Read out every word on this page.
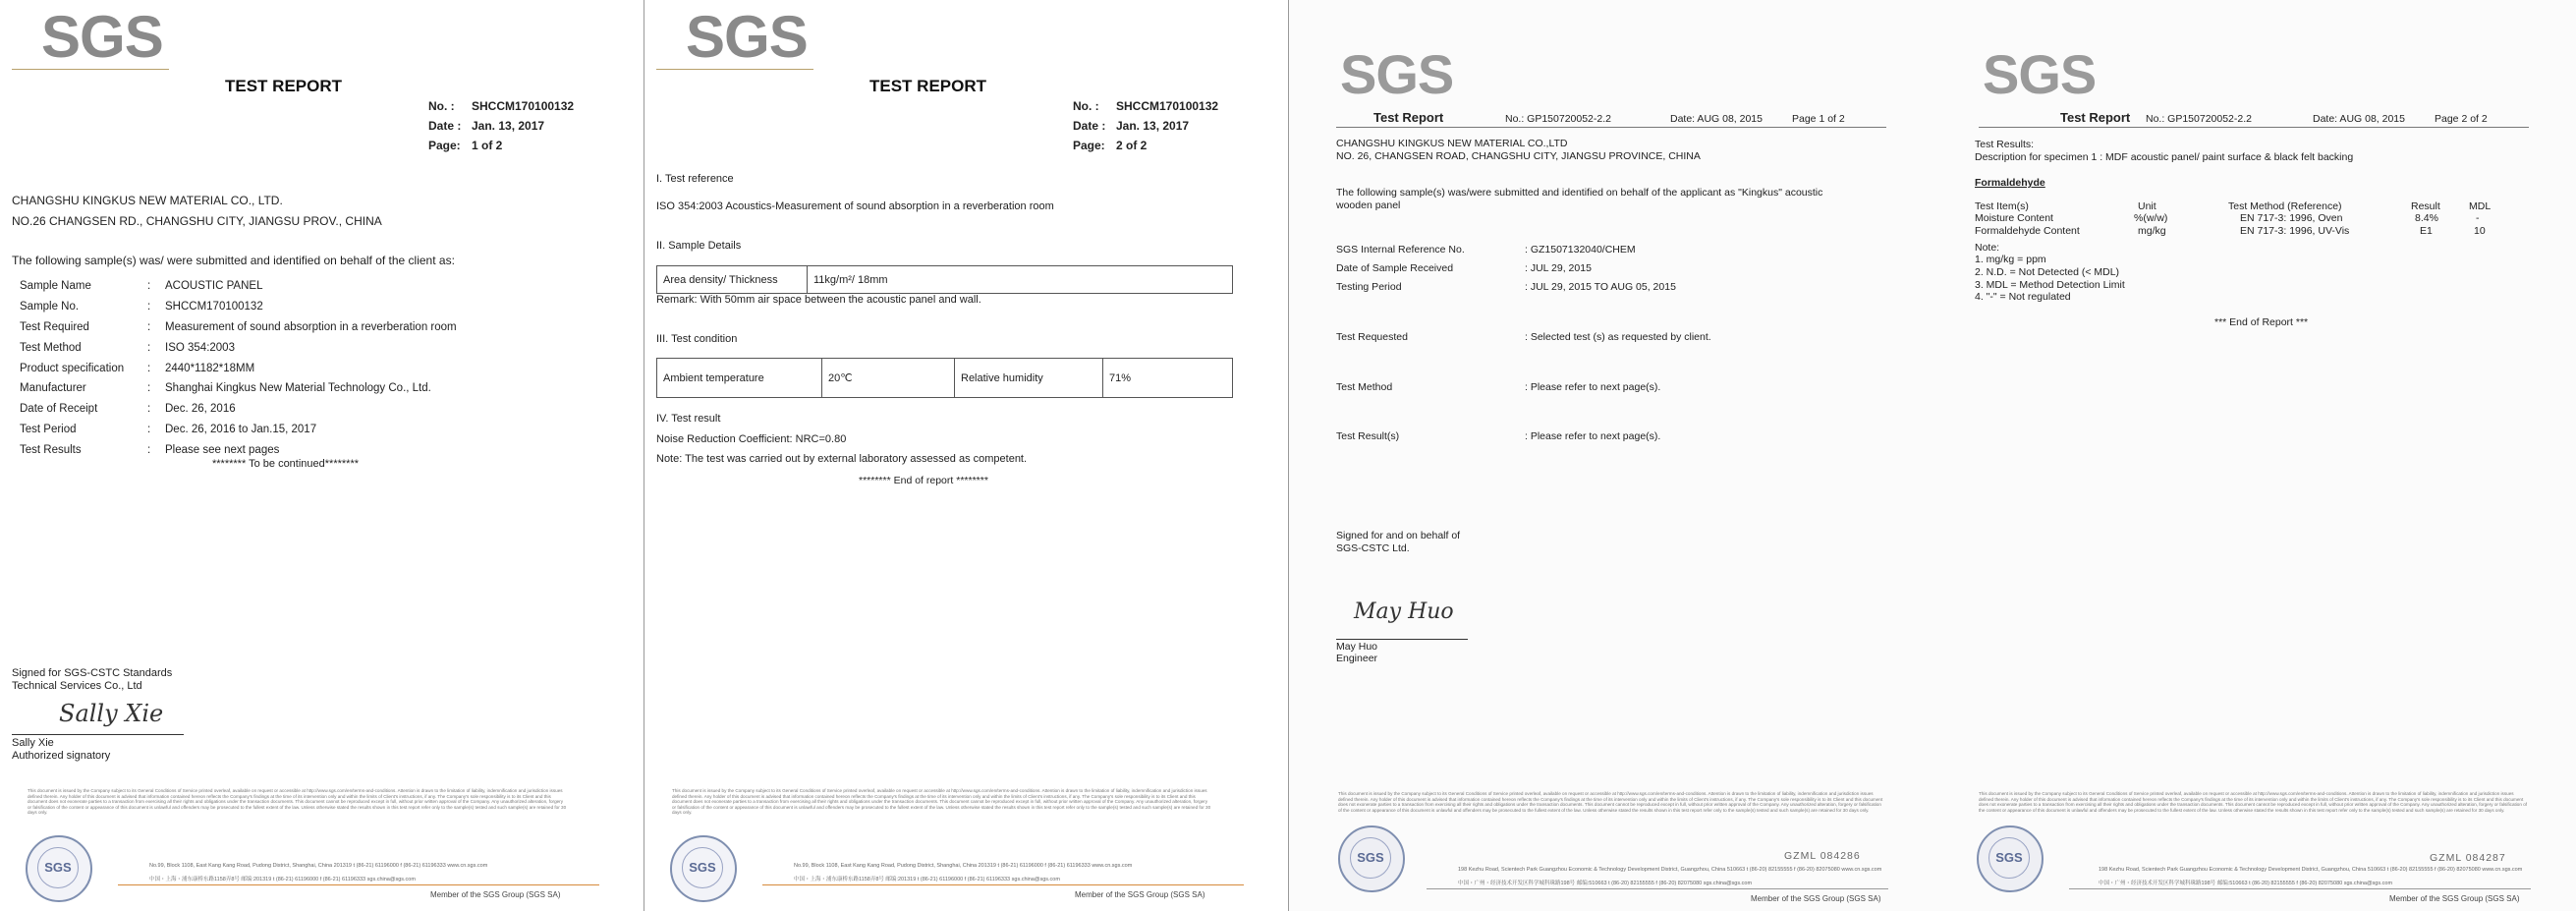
SGS
TEST REPORT
No. : SHCCM170100132
Date : Jan. 13, 2017
Page: 1 of 2
CHANGSHU KINGKUS NEW MATERIAL CO., LTD.
NO.26 CHANGSEN RD., CHANGSHU CITY, JIANGSU PROV., CHINA
The following sample(s) was/ were submitted and identified on behalf of the client as:
Sample Name	:	ACOUSTIC PANEL
Sample No.	:	SHCCM170100132
Test Required	:	Measurement of sound absorption in a reverberation room
Test Method	:	ISO 354:2003
Product specification	:	2440*1182*18MM
Manufacturer	:	Shanghai Kingkus New Material Technology Co., Ltd.
Date of Receipt	:	Dec. 26, 2016
Test Period	:	Dec. 26, 2016 to Jan.15, 2017
Test Results	:	Please see next pages
******** To be continued********
Signed for SGS-CSTC Standards
Technical Services Co., Ltd
Sally Xie
Sally Xie
Authorized signatory
This document is issued by the Company subject to its General Conditions of Service printed overleaf, available on request or accessible at http://www.sgs.com/en/terms-and-conditions. Attention is drawn to the limitation of liability, indemnification and jurisdiction issues defined therein. Any holder of this document is advised that information contained hereon reflects the Company's findings at the time of its intervention only and within the limits of Client's instructions, if any. The Company's sole responsibility is to its Client and this document does not exonerate parties to a transaction from exercising all their rights and obligations under the transaction documents. This document cannot be reproduced except in full, without prior written approval of the Company. Any unauthorized alteration, forgery or falsification of the content or appearance of this document is unlawful and offenders may be prosecuted to the fullest extent of the law. Unless otherwise stated the results shown in this test report refer only to the sample(s) tested and such sample(s) are retained for 30 days only.
SGS	No.99, Block 1108, East Kang Kang Road, Pudong District, Shanghai, China 201319 t (86-21) 61196000 f (86-21) 61196333 www.cn.sgs.com
中国・上海・浦东康桥东路1158弄8号 邮编:201319 t (86-21) 61196000 f (86-21) 61196333 sgs.china@sgs.com
Member of the SGS Group (SGS SA)
SGS
TEST REPORT
No. : SHCCM170100132
Date : Jan. 13, 2017
Page: 2 of 2
I. Test reference
ISO 354:2003 Acoustics-Measurement of sound absorption in a reverberation room
II. Sample Details
Area density/ Thickness	11kg/m²/ 18mm
Remark: With 50mm air space between the acoustic panel and wall.
III. Test condition
Ambient temperature	20℃	Relative humidity	71%
IV. Test result
Noise Reduction Coefficient: NRC=0.80
Note: The test was carried out by external laboratory assessed as competent.
******** End of report ********
This document is issued by the Company subject to its General Conditions of Service printed overleaf, available on request or accessible at http://www.sgs.com/en/terms-and-conditions. Attention is drawn to the limitation of liability, indemnification and jurisdiction issues defined therein. Any holder of this document is advised that information contained hereon reflects the Company's findings at the time of its intervention only and within the limits of Client's instructions, if any. The Company's sole responsibility is to its Client and this document does not exonerate parties to a transaction from exercising all their rights and obligations under the transaction documents. This document cannot be reproduced except in full, without prior written approval of the Company. Any unauthorized alteration, forgery or falsification of the content or appearance of this document is unlawful and offenders may be prosecuted to the fullest extent of the law. Unless otherwise stated the results shown in this test report refer only to the sample(s) tested and such sample(s) are retained for 30 days only.
SGS	No.99, Block 1108, East Kang Kang Road, Pudong District, Shanghai, China 201319 t (86-21) 61196000 f (86-21) 61196333 www.cn.sgs.com
中国・上海・浦东康桥东路1158弄8号 邮编:201319 t (86-21) 61196000 f (86-21) 61196333 sgs.china@sgs.com
Member of the SGS Group (SGS SA)
SGS
Test Report	No.: GP150720052-2.2	Date: AUG 08, 2015	Page 1 of 2
CHANGSHU KINGKUS NEW MATERIAL CO.,LTD
NO. 26, CHANGSEN ROAD, CHANGSHU CITY, JIANGSU PROVINCE, CHINA
The following sample(s) was/were submitted and identified on behalf of the applicant as "Kingkus" acoustic
wooden panel
SGS Internal Reference No.	: GZ1507132040/CHEM
Date of Sample Received	: JUL 29, 2015
Testing Period	: JUL 29, 2015 TO AUG 05, 2015
Test Requested	: Selected test (s) as requested by client.
Test Method	: Please refer to next page(s).
Test Result(s)	: Please refer to next page(s).
Signed for and on behalf of
SGS-CSTC Ltd.
May Huo
May Huo
Engineer
This document is issued by the Company subject to its General Conditions of Service printed overleaf, available on request or accessible at http://www.sgs.com/en/terms-and-conditions. Attention is drawn to the limitation of liability, indemnification and jurisdiction issues defined therein. Any holder of this document is advised that information contained hereon reflects the Company's findings at the time of its intervention only and within the limits of Client's instructions, if any. The Company's sole responsibility is to its Client and this document does not exonerate parties to a transaction from exercising all their rights and obligations under the transaction documents. This document cannot be reproduced except in full, without prior written approval of the Company. Any unauthorized alteration, forgery or falsification of the content or appearance of this document is unlawful and offenders may be prosecuted to the fullest extent of the law. Unless otherwise stated the results shown in this test report refer only to the sample(s) tested and such sample(s) are retained for 30 days only.
GZML 084286
SGS
198 Kezhu Road, Scientech Park Guangzhou Economic & Technology Development District, Guangzhou, China 510663 t (86-20) 82155555 f (86-20) 82075080 www.cn.sgs.com
中国・广州・经济技术开发区科学城科珠路198号 邮编:510663 t (86-20) 82155555 f (86-20) 82075080 sgs.china@sgs.com
Member of the SGS Group (SGS SA)
SGS
Test Report No.: GP150720052-2.2	Date: AUG 08, 2015	Page 2 of 2
Test Results:
Description for specimen 1 : MDF acoustic panel/ paint surface & black felt backing
Formaldehyde
Test Item(s)	Unit	Test Method (Reference)	Result	MDL
Moisture Content	%(w/w)	EN 717-3: 1996, Oven	8.4%	-
Formaldehyde Content	mg/kg	EN 717-3: 1996, UV-Vis	E1	10
Note:
1. mg/kg = ppm
2. N.D. = Not Detected (< MDL)
3. MDL = Method Detection Limit
4. "-" = Not regulated
*** End of Report ***
This document is issued by the Company subject to its General Conditions of Service printed overleaf, available on request or accessible at http://www.sgs.com/en/terms-and-conditions. Attention is drawn to the limitation of liability, indemnification and jurisdiction issues defined therein. Any holder of this document is advised that information contained hereon reflects the Company's findings at the time of its intervention only and within the limits of Client's instructions, if any. The Company's sole responsibility is to its Client and this document does not exonerate parties to a transaction from exercising all their rights and obligations under the transaction documents. This document cannot be reproduced except in full, without prior written approval of the Company. Any unauthorized alteration, forgery or falsification of the content or appearance of this document is unlawful and offenders may be prosecuted to the fullest extent of the law. Unless otherwise stated the results shown in this test report refer only to the sample(s) tested and such sample(s) are retained for 30 days only.
GZML 084287
SGS
198 Kezhu Road, Scientech Park Guangzhou Economic & Technology Development District, Guangzhou, China 510663 t (86-20) 82155555 f (86-20) 82075080 www.cn.sgs.com
中国・广州・经济技术开发区科学城科珠路198号 邮编:510663 t (86-20) 82155555 f (86-20) 82075080 sgs.china@sgs.com
Member of the SGS Group (SGS SA)
